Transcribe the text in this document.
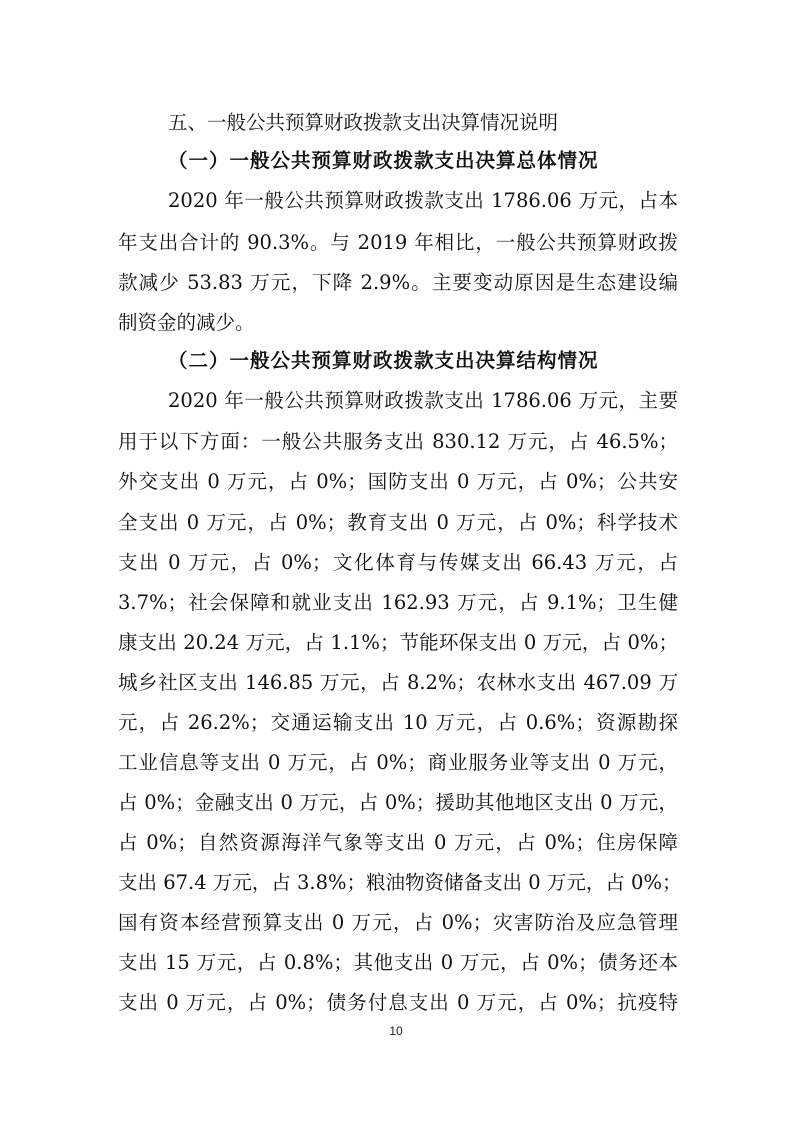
五、一般公共预算财政拨款支出决算情况说明
（一）一般公共预算财政拨款支出决算总体情况
2020 年一般公共预算财政拨款支出 1786.06 万元，占本
年支出合计的 90.3%。与 2019 年相比，一般公共预算财政拨
款减少 53.83 万元，下降 2.9%。主要变动原因是生态建设编
制资金的减少。
（二）一般公共预算财政拨款支出决算结构情况
2020 年一般公共预算财政拨款支出 1786.06 万元，主要
用于以下方面：一般公共服务支出 830.12 万元，占 46.5%；
外交支出 0 万元，占 0%；国防支出 0 万元，占 0%；公共安
全支出 0 万元，占 0%；教育支出 0 万元，占 0%；科学技术
支出 0 万元，占 0%；文化体育与传媒支出 66.43 万元，占
3.7%；社会保障和就业支出 162.93 万元，占 9.1%；卫生健
康支出 20.24 万元，占 1.1%；节能环保支出 0 万元，占 0%；
城乡社区支出 146.85 万元，占 8.2%；农林水支出 467.09 万
元，占 26.2%；交通运输支出 10 万元，占 0.6%；资源勘探
工业信息等支出 0 万元，占 0%；商业服务业等支出 0 万元，
占 0%；金融支出 0 万元，占 0%；援助其他地区支出 0 万元，
占 0%；自然资源海洋气象等支出 0 万元，占 0%；住房保障
支出 67.4 万元，占 3.8%；粮油物资储备支出 0 万元，占 0%；
国有资本经营预算支出 0 万元，占 0%；灾害防治及应急管理
支出 15 万元，占 0.8%；其他支出 0 万元，占 0%；债务还本
支出 0 万元，占 0%；债务付息支出 0 万元，占 0%；抗疫特
10
